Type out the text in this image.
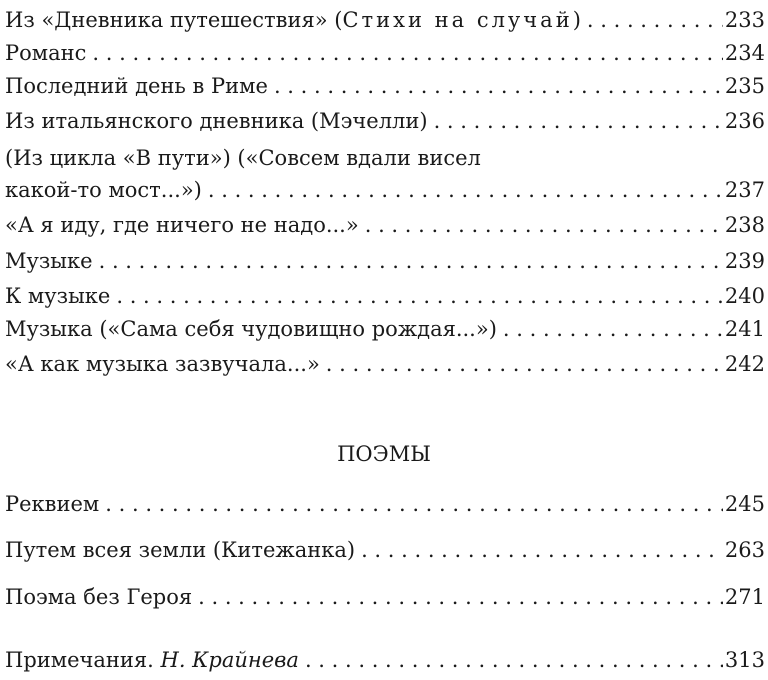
Из «Дневника путешествия» (Стихи на случай) . . .	233
Романс . . .	234
Последний день в Риме . . .	235
Из итальянского дневника (Мэчелли) . . .	236
(Из цикла «В пути») («Совсем вдали висел
какой-то мост...») . . .	237
«А я иду, где ничего не надо...» . . .	238
Музыке . . .	239
К музыке . . .	240
Музыка («Сама себя чудовищно рождая...») . . .	241
«А как музыка зазвучала...» . . .	242
ПОЭМЫ
Реквием . . .	245
Путем всея земли (Китежанка) . . .	263
Поэма без Героя . . .	271
Примечания. Н. Крайнева . . .	313
